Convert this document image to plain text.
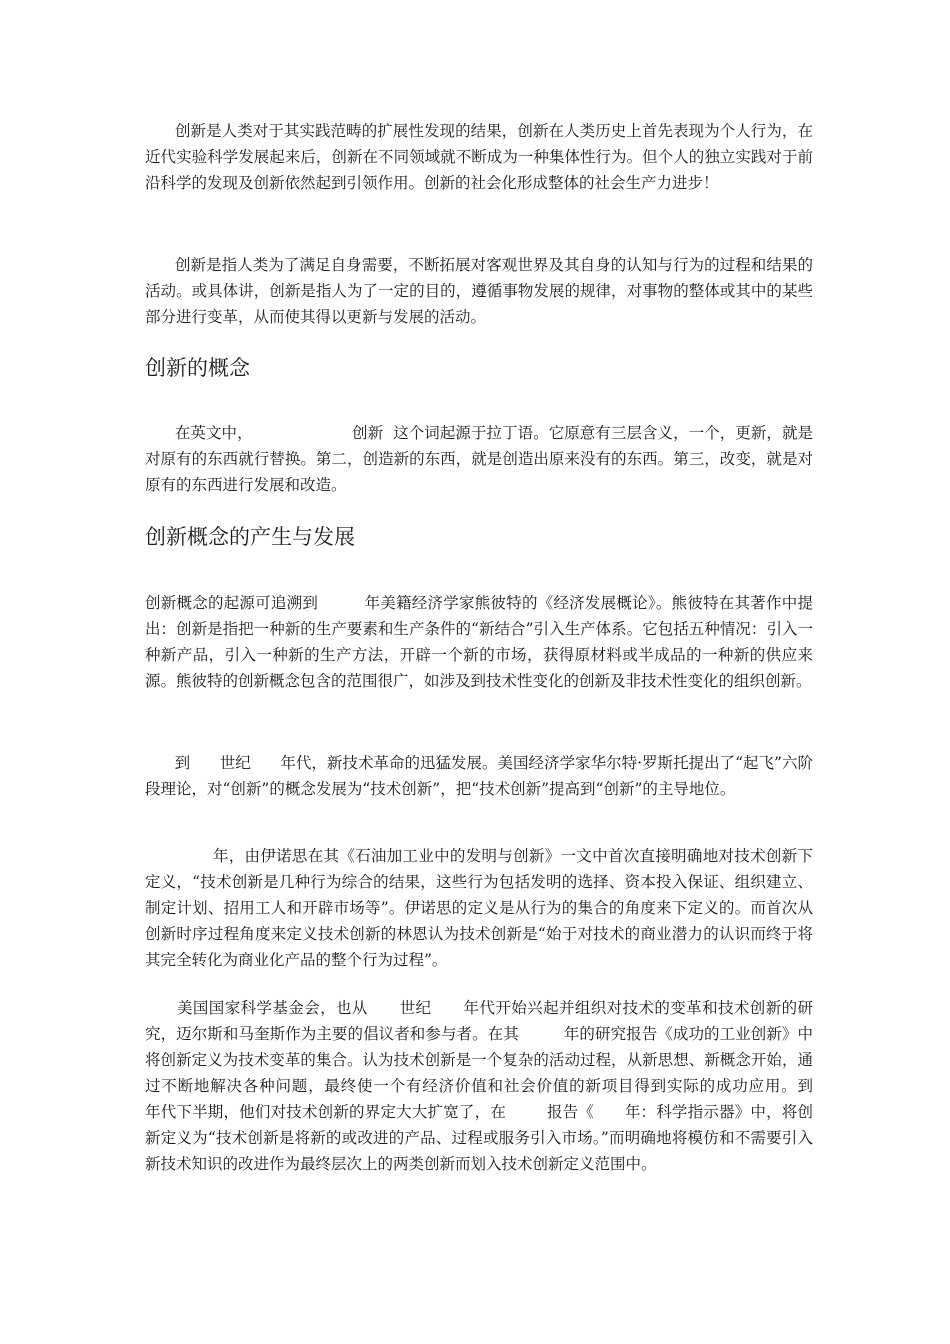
创新是人类对于其实践范畴的扩展性发现的结果，创新在人类历史上首先表现为个人行为，在近代实验科学发展起来后，创新在不同领域就不断成为一种集体性行为。但个人的独立实践对于前沿科学的发现及创新依然起到引领作用。创新的社会化形成整体的社会生产力进步！

创新是指人类为了满足自身需要，不断拓展对客观世界及其自身的认知与行为的过程和结果的活动。或具体讲，创新是指人为了一定的目的，遵循事物发展的规律，对事物的整体或其中的某些部分进行变革，从而使其得以更新与发展的活动。

创新的概念

在英文中，                    创新  这个词起源于拉丁语。它原意有三层含义，一个，更新，就是对原有的东西就行替换。第二，创造新的东西，就是创造出原来没有的东西。第三，改变，就是对原有的东西进行发展和改造。

创新概念的产生与发展

创新概念的起源可追溯到         年美籍经济学家熊彼特的《经济发展概论》。熊彼特在其著作中提出：创新是指把一种新的生产要素和生产条件的“新结合”引入生产体系。它包括五种情况：引入一种新产品，引入一种新的生产方法，开辟一个新的市场，获得原材料或半成品的一种新的供应来源。熊彼特的创新概念包含的范围很广，如涉及到技术性变化的创新及非技术性变化的组织创新。

到      世纪      年代，新技术革命的迅猛发展。美国经济学家华尔特·罗斯托提出了“起飞”六阶段理论，对“创新”的概念发展为“技术创新”，把“技术创新”提高到“创新”的主导地位。

年，由伊诺思在其《石油加工业中的发明与创新》一文中首次直接明确地对技术创新下定义，“技术创新是几种行为综合的结果，这些行为包括发明的选择、资本投入保证、组织建立、制定计划、招用工人和开辟市场等”。伊诺思的定义是从行为的集合的角度来下定义的。而首次从创新时序过程角度来定义技术创新的林恩认为技术创新是“始于对技术的商业潜力的认识而终于将其完全转化为商业化产品的整个行为过程”。

美国国家科学基金会，也从      世纪      年代开始兴起并组织对技术的变革和技术创新的研究，迈尔斯和马奎斯作为主要的倡议者和参与者。在其         年的研究报告《成功的工业创新》中将创新定义为技术变革的集合。认为技术创新是一个复杂的活动过程，从新思想、新概念开始，通过不断地解决各种问题，最终使一个有经济价值和社会价值的新项目得到实际的成功应用。到      年代下半期，他们对技术创新的界定大大扩宽了，在        报告《      年：科学指示器》中，将创新定义为“技术创新是将新的或改进的产品、过程或服务引入市场。”而明确地将模仿和不需要引入新技术知识的改进作为最终层次上的两类创新而划入技术创新定义范围中。
